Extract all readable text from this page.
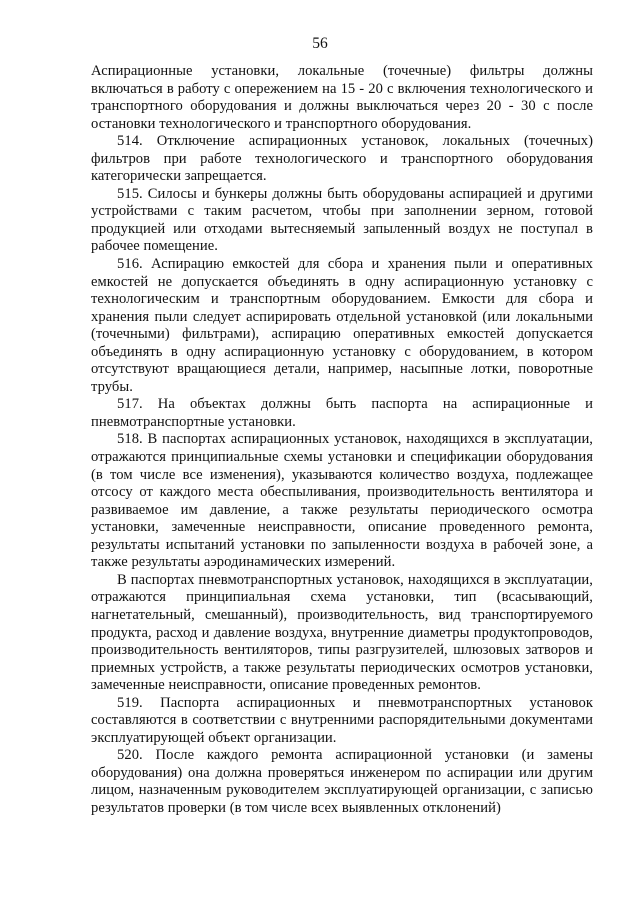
56

Аспирационные установки, локальные (точечные) фильтры должны включаться в работу с опережением на 15 - 20 с включения технологического и транспортного оборудования и должны выключаться через 20 - 30 с после остановки технологического и транспортного оборудования.

514. Отключение аспирационных установок, локальных (точечных) фильтров при работе технологического и транспортного оборудования категорически запрещается.

515. Силосы и бункеры должны быть оборудованы аспирацией и другими устройствами с таким расчетом, чтобы при заполнении зерном, готовой продукцией или отходами вытесняемый запыленный воздух не поступал в рабочее помещение.

516. Аспирацию емкостей для сбора и хранения пыли и оперативных емкостей не допускается объединять в одну аспирационную установку с технологическим и транспортным оборудованием. Емкости для сбора и хранения пыли следует аспирировать отдельной установкой (или локальными (точечными) фильтрами), аспирацию оперативных емкостей допускается объединять в одну аспирационную установку с оборудованием, в котором отсутствуют вращающиеся детали, например, насыпные лотки, поворотные трубы.

517. На объектах должны быть паспорта на аспирационные и пневмотранспортные установки.

518. В паспортах аспирационных установок, находящихся в эксплуатации, отражаются принципиальные схемы установки и спецификации оборудования (в том числе все изменения), указываются количество воздуха, подлежащее отсосу от каждого места обеспыливания, производительность вентилятора и развиваемое им давление, а также результаты периодического осмотра установки, замеченные неисправности, описание проведенного ремонта, результаты испытаний установки по запыленности воздуха в рабочей зоне, а также результаты аэродинамических измерений.

В паспортах пневмотранспортных установок, находящихся в эксплуатации, отражаются принципиальная схема установки, тип (всасывающий, нагнетательный, смешанный), производительность, вид транспортируемого продукта, расход и давление воздуха, внутренние диаметры продуктопроводов, производительность вентиляторов, типы разгрузителей, шлюзовых затворов и приемных устройств, а также результаты периодических осмотров установки, замеченные неисправности, описание проведенных ремонтов.

519. Паспорта аспирационных и пневмотранспортных установок составляются в соответствии с внутренними распорядительными документами эксплуатирующей объект организации.

520. После каждого ремонта аспирационной установки (и замены оборудования) она должна проверяться инженером по аспирации или другим лицом, назначенным руководителем эксплуатирующей организации, с записью результатов проверки (в том числе всех выявленных отклонений)
